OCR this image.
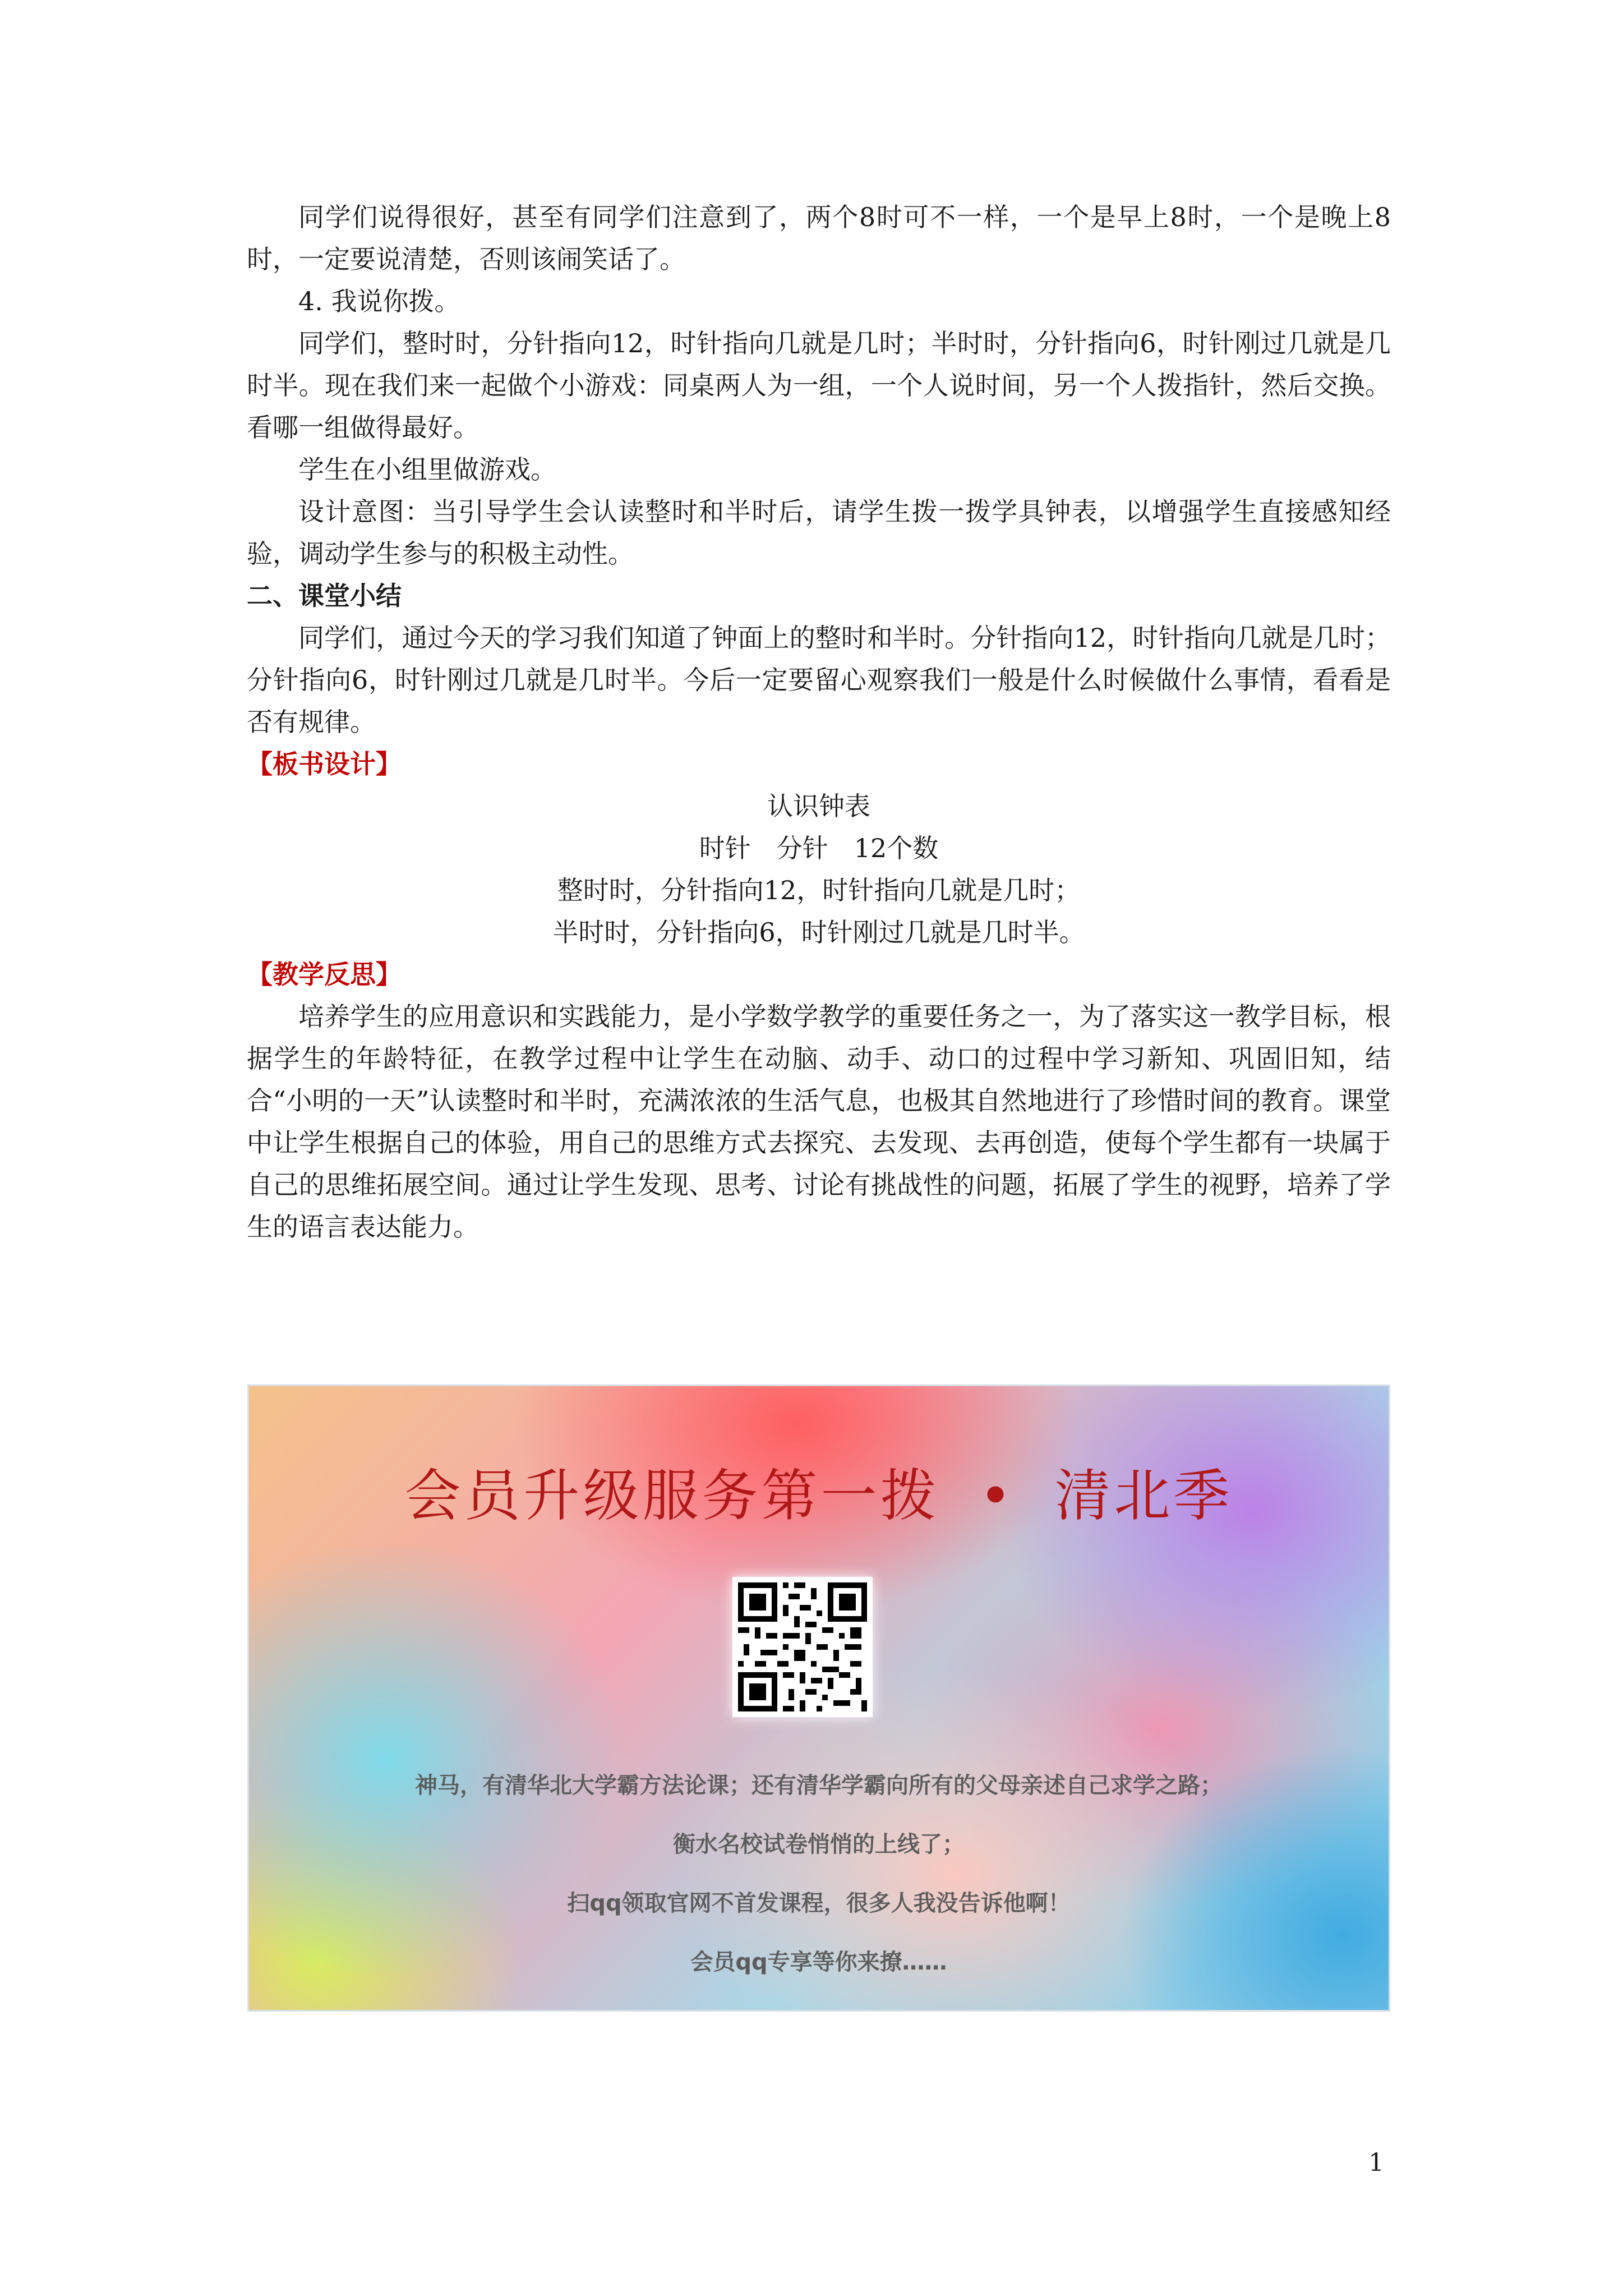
同学们说得很好，甚至有同学们注意到了，两个8时可不一样，一个是早上8时，一个是晚上8时，一定要说清楚，否则该闹笑话了。

4. 我说你拨。

同学们，整时时，分针指向12，时针指向几就是几时；半时时，分针指向6，时针刚过几就是几时半。现在我们来一起做个小游戏：同桌两人为一组，一个人说时间，另一个人拨指针，然后交换。看哪一组做得最好。

学生在小组里做游戏。

设计意图：当引导学生会认读整时和半时后，请学生拨一拨学具钟表，以增强学生直接感知经验，调动学生参与的积极主动性。

二、课堂小结

同学们，通过今天的学习我们知道了钟面上的整时和半时。分针指向12，时针指向几就是几时；分针指向6，时针刚过几就是几时半。今后一定要留心观察我们一般是什么时候做什么事情，看看是否有规律。

【板书设计】

认识钟表
时针　分针　12个数
整时时，分针指向12，时针指向几就是几时；
半时时，分针指向6，时针刚过几就是几时半。

【教学反思】

培养学生的应用意识和实践能力，是小学数学教学的重要任务之一，为了落实这一教学目标，根据学生的年龄特征，在教学过程中让学生在动脑、动手、动口的过程中学习新知、巩固旧知，结合“小明的一天”认读整时和半时，充满浓浓的生活气息，也极其自然地进行了珍惜时间的教育。课堂中让学生根据自己的体验，用自己的思维方式去探究、去发现、去再创造，使每个学生都有一块属于自己的思维拓展空间。通过让学生发现、思考、讨论有挑战性的问题，拓展了学生的视野，培养了学生的语言表达能力。

会员升级服务第一拨 • 清北季
神马，有清华北大学霸方法论课；还有清华学霸向所有的父母亲述自己求学之路；
衡水名校试卷悄悄的上线了；
扫qq领取官网不首发课程，很多人我没告诉他啊！
会员qq专享等你来撩……
1
